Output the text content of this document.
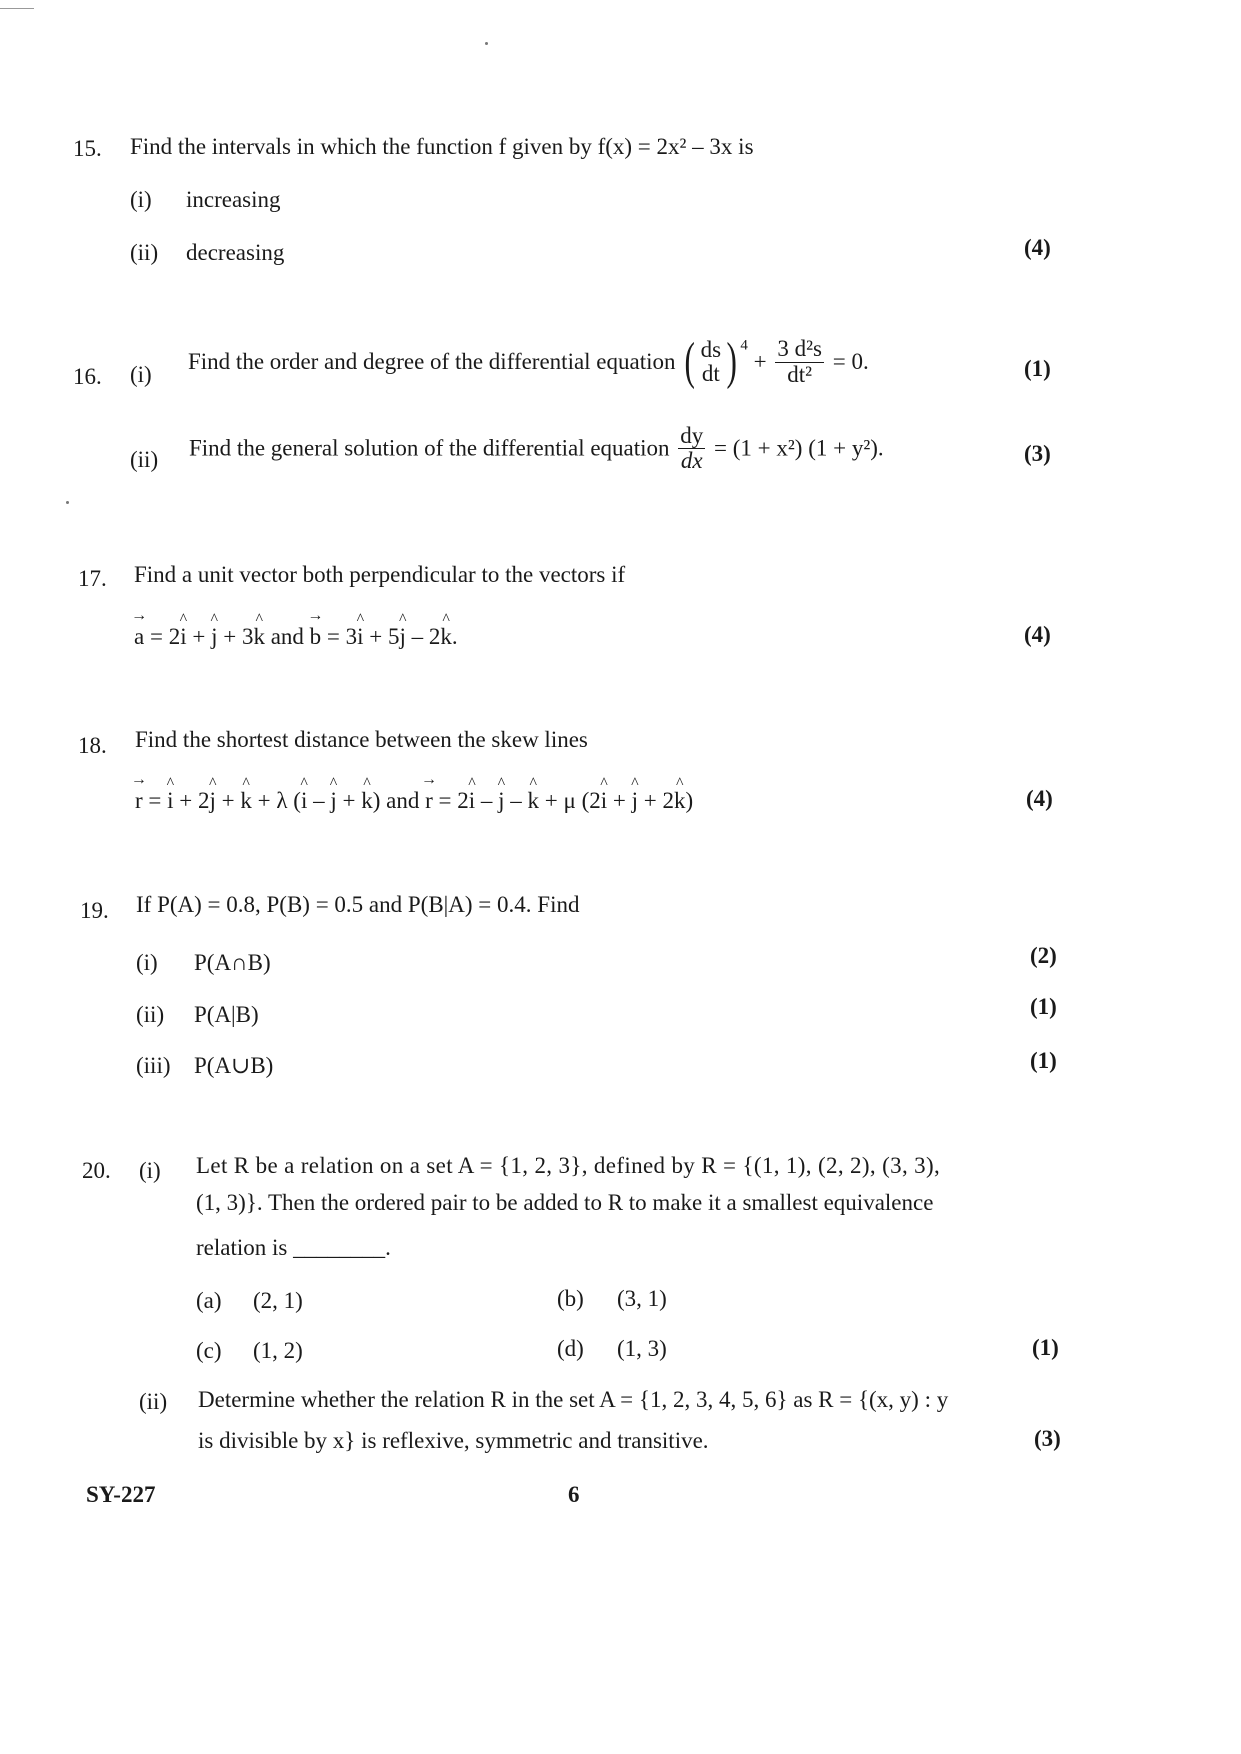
15. Find the intervals in which the function f given by f(x) = 2x² – 3x is
(i) increasing
(ii) decreasing	(4)
16. (i)
Find the order and degree of the differential equation ( ds
dt ) $^4 + \frac{\text{3 d²s}}{\text{dt²}} = 0$.	(1)
(ii) Find the general solution of the differential equation $\frac{dy}{dx} = (1 + x^2) (1 + y^2)$.	(3)
17. Find a unit vector both perpendicular to the vectors if
→ a = 2^ i + ^ j + 3^ k and → b = 3^ i + 5^ j – 2^ k.	(4)
18. Find the shortest distance between the skew lines
→ r = ^ i + 2^ j + ^ k + λ (^ i – ^ j + ^ k) and → r = 2^ i – ^ j – ^ k + μ (2^ i + ^ j + 2^ k)	(4)
19. If P(A) = 0.8, P(B) = 0.5 and P(B|A) = 0.4. Find
(i) P(A∩B)	(2)
(ii) P(A|B)	(1)
(iii) P(A∪B)	(1)
20. (i) Let R be a relation on a set A = {1, 2, 3}, defined by R = {(1, 1), (2, 2), (3, 3),
(1, 3)}. Then the ordered pair to be added to R to make it a smallest equivalence
relation is ________.
(a) (2, 1)	(b) (3, 1)
(c) (1, 2)	(d) (1, 3)	(1)
(ii) Determine whether the relation R in the set A = {1, 2, 3, 4, 5, 6} as R = {(x, y) : y
is divisible by x} is reflexive, symmetric and transitive.	(3)
SY-227	6
